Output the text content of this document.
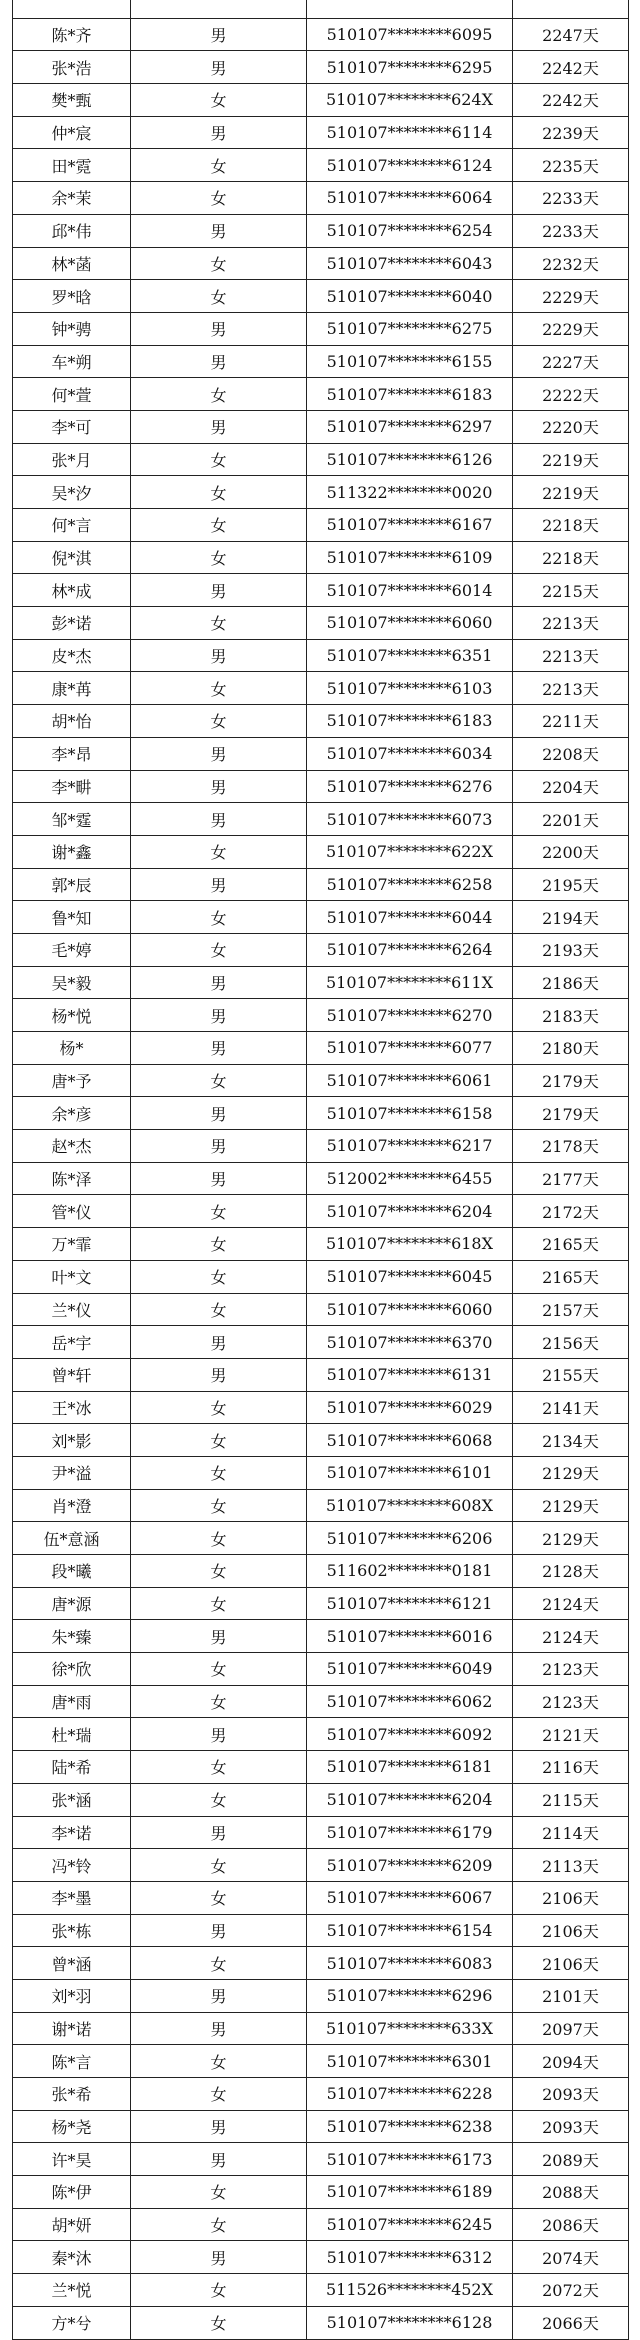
陈*齐	男	510107********6095	2247天
张*浩	男	510107********6295	2242天
樊*甄	女	510107********624X	2242天
仲*宸	男	510107********6114	2239天
田*霓	女	510107********6124	2235天
余*茉	女	510107********6064	2233天
邱*伟	男	510107********6254	2233天
林*菡	女	510107********6043	2232天
罗*晗	女	510107********6040	2229天
钟*骋	男	510107********6275	2229天
车*朔	男	510107********6155	2227天
何*萱	女	510107********6183	2222天
李*可	男	510107********6297	2220天
张*月	女	510107********6126	2219天
吴*汐	女	511322********0020	2219天
何*言	女	510107********6167	2218天
倪*淇	女	510107********6109	2218天
林*成	男	510107********6014	2215天
彭*诺	女	510107********6060	2213天
皮*杰	男	510107********6351	2213天
康*苒	女	510107********6103	2213天
胡*怡	女	510107********6183	2211天
李*昂	男	510107********6034	2208天
李*畊	男	510107********6276	2204天
邹*霆	男	510107********6073	2201天
谢*鑫	女	510107********622X	2200天
郭*辰	男	510107********6258	2195天
鲁*知	女	510107********6044	2194天
毛*婷	女	510107********6264	2193天
吴*毅	男	510107********611X	2186天
杨*悦	男	510107********6270	2183天
杨*	男	510107********6077	2180天
唐*予	女	510107********6061	2179天
余*彦	男	510107********6158	2179天
赵*杰	男	510107********6217	2178天
陈*泽	男	512002********6455	2177天
管*仪	女	510107********6204	2172天
万*霏	女	510107********618X	2165天
叶*文	女	510107********6045	2165天
兰*仪	女	510107********6060	2157天
岳*宇	男	510107********6370	2156天
曾*轩	男	510107********6131	2155天
王*冰	女	510107********6029	2141天
刘*影	女	510107********6068	2134天
尹*溢	女	510107********6101	2129天
肖*澄	女	510107********608X	2129天
伍*意涵	女	510107********6206	2129天
段*曦	女	511602********0181	2128天
唐*源	女	510107********6121	2124天
朱*臻	男	510107********6016	2124天
徐*欣	女	510107********6049	2123天
唐*雨	女	510107********6062	2123天
杜*瑞	男	510107********6092	2121天
陆*希	女	510107********6181	2116天
张*涵	女	510107********6204	2115天
李*诺	男	510107********6179	2114天
冯*铃	女	510107********6209	2113天
李*墨	女	510107********6067	2106天
张*栋	男	510107********6154	2106天
曾*涵	女	510107********6083	2106天
刘*羽	男	510107********6296	2101天
谢*诺	男	510107********633X	2097天
陈*言	女	510107********6301	2094天
张*希	女	510107********6228	2093天
杨*尧	男	510107********6238	2093天
许*昊	男	510107********6173	2089天
陈*伊	女	510107********6189	2088天
胡*妍	女	510107********6245	2086天
秦*沐	男	510107********6312	2074天
兰*悦	女	511526********452X	2072天
方*兮	女	510107********6128	2066天
